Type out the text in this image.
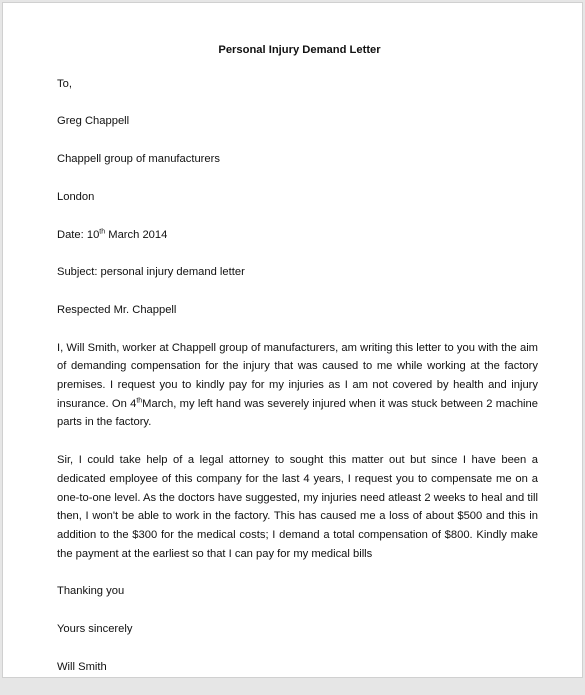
Personal Injury Demand Letter
To,
Greg Chappell
Chappell group of manufacturers
London
Date: 10th March 2014
Subject: personal injury demand letter
Respected Mr. Chappell
I, Will Smith, worker at Chappell group of manufacturers, am writing this letter to you with the aim of demanding compensation for the injury that was caused to me while working at the factory premises. I request you to kindly pay for my injuries as I am not covered by health and injury insurance. On 4thMarch, my left hand was severely injured when it was stuck between 2 machine parts in the factory.
Sir, I could take help of a legal attorney to sought this matter out but since I have been a dedicated employee of this company for the last 4 years, I request you to compensate me on a one-to-one level. As the doctors have suggested, my injuries need atleast 2 weeks to heal and till then, I won't be able to work in the factory. This has caused me a loss of about $500 and this in addition to the $300 for the medical costs; I demand a total compensation of $800. Kindly make the payment at the earliest so that I can pay for my medical bills
Thanking you
Yours sincerely
Will Smith
